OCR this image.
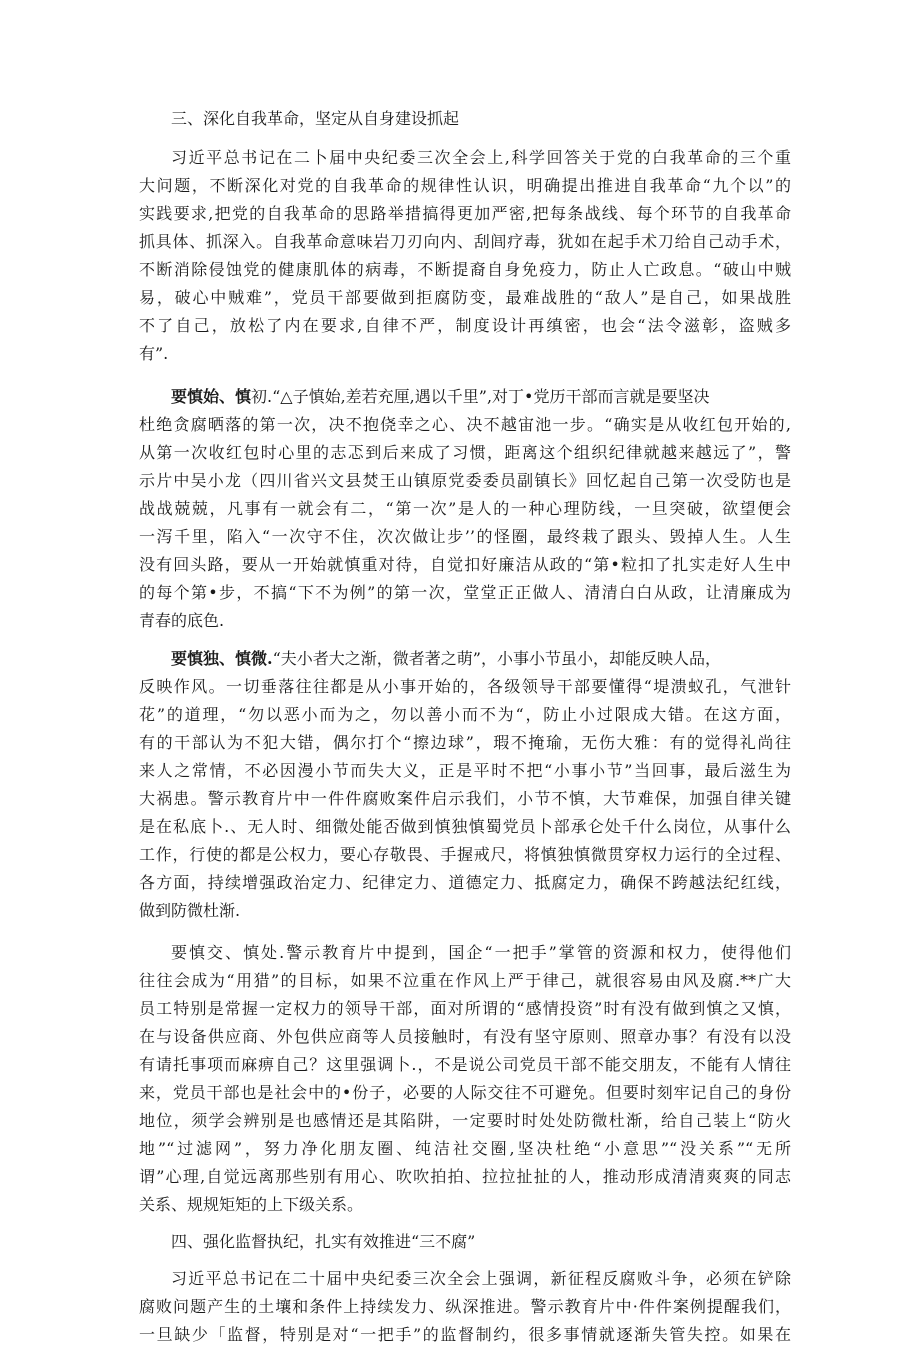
三、深化自我革命，坚定从自身建设抓起
习近平总书记在二卜届中央纪委三次全会上,科学回答关于党的白我革命的三个重
大问题，不断深化对党的自我革命的规律性认识，明确提出推进自我革命“九个以”的
实践要求,把党的自我革命的思路举措搞得更加严密,把每条战线、每个环节的自我革命
抓具体、抓深入。自我革命意味岩刀刃向内、刮闾疗毒，犹如在起手术刀给自己动手术，
不断消除侵蚀党的健康肌体的病毒，不断提裔自身免疫力，防止人亡政息。“破山中贼
易，破心中贼难”，党员干部要做到拒腐防变，最难战胜的“敌人”是自己，如果战胜
不了自己，放松了内在要求,自律不严，制度设计再缜密，也会“法令滋彰，盗贼多
有”.
要慎始、慎初.“△子慎始,差若充厘,遇以千里”,对丁•党历干部而言就是要坚决
杜绝贪腐晒落的第一次，决不抱侥幸之心、决不越宙池一步。“确实是从收红包开始的,
从第一次收红包时心里的志忑到后来成了习惯，距离这个组织纪律就越来越远了”，警
示片中吴小龙（四川省兴文县焚王山镇原党委委员副镇长》回忆起自己第一次受防也是
战战兢兢，凡事有一就会有二，“第一次”是人的一种心理防线，一旦突破，欲望便会
一泻千里，陷入“一次守不住，次次做让步’’的怪圈，最终栽了跟头、毁掉人生。人生
没有回头路，要从一开始就慎重对待，自觉扣好廉洁从政的“第•粒扣了扎实走好人生中
的每个第•步，不搞“下不为例”的第一次，堂堂正正做人、清清白白从政，让清廉成为
青春的底色.
要慎独、慎微.“夫小者大之渐，微者著之萌”，小事小节虽小，却能反映人品，
反映作风。一切垂落往往都是从小事开始的，各级领导干部要懂得“堤溃蚁孔，气泄针
花”的道理，“勿以恶小而为之，勿以善小而不为“，防止小过限成大错。在这方面，
有的干部认为不犯大错，偶尔打个“擦边球”，瑕不掩瑜，无伤大雅：有的觉得礼尚往
来人之常情，不必因漫小节而失大义，正是平时不把“小事小节”当回事，最后滋生为
大祸患。警示教育片中一件件腐败案件启示我们，小节不慎，大节难保，加强自律关键
是在私底卜.、无人时、细微处能否做到慎独慎蜀党员卜部承仑处千什么岗位，从事什么
工作，行使的都是公权力，要心存敬畏、手握戒尺，将慎独慎微贯穿权力运行的全过程、
各方面，持续增强政治定力、纪律定力、道德定力、抵腐定力，确保不跨越法纪红线，
做到防微杜渐.
要慎交、慎处.警示教育片中提到，国企“一把手”掌管的资源和权力，使得他们
往往会成为“用猎”的目标，如果不泣重在作风上严于律己，就很容易由风及腐.**广大
员工特别是常握一定权力的领导干部，面对所谓的“感情投资”时有没有做到慎之又慎，
在与设备供应商、外包供应商等人员接触时，有没有坚守原则、照章办事？有没有以没
有请托事项而麻痹自己？这里强调卜.，不是说公司党员干部不能交朋友，不能有人情往
来，党员干部也是社会中的•份子，必要的人际交往不可避免。但要时刻牢记自己的身份
地位，须学会辨别是也感情还是其陷阱，一定要时时处处防微杜渐，给自己装上“防火
地”“过滤网”，努力净化朋友圈、纯洁社交圈,坚决杜绝“小意思”“没关系”“无所
谓”心理,自觉远离那些别有用心、吹吹拍拍、拉拉扯扯的人，推动形成清清爽爽的同志
关系、规规矩矩的上下级关系。
四、强化监督执纪，扎实有效推进“三不腐”
习近平总书记在二十届中央纪委三次全会上强调，新征程反腐败斗争，必须在铲除
腐败问题产生的土壤和条件上持续发力、纵深推进。警示教育片中·件件案例提醒我们，
一旦缺少「监督，特别是对“一把手”的监督制约，很多事情就逐渐失管失控。如果在
